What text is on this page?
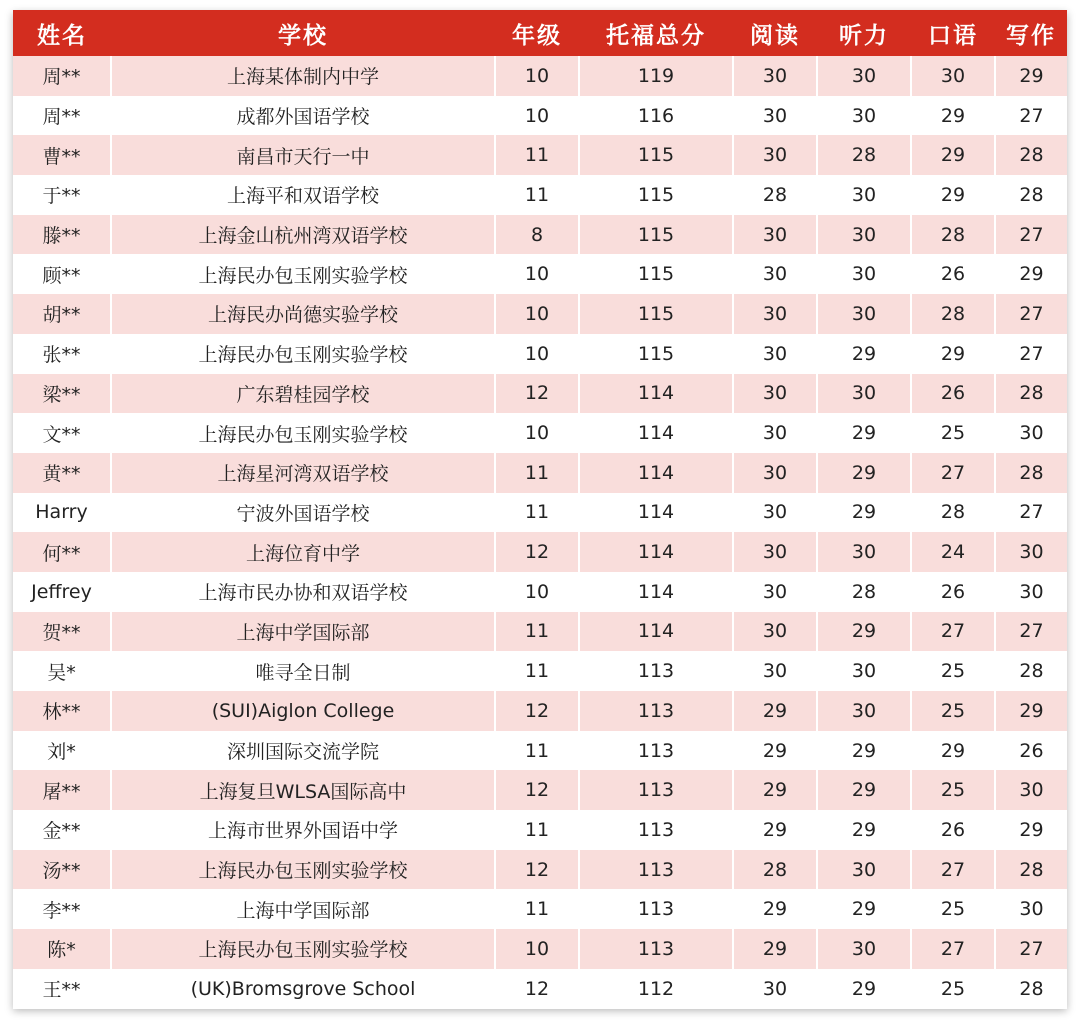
姓名	学校	年级	托福总分	阅读	听力	口语	写作
周**	上海某体制内中学	10	119	30	30	30	29
周**	成都外国语学校	10	116	30	30	29	27
曹**	南昌市天行一中	11	115	30	28	29	28
于**	上海平和双语学校	11	115	28	30	29	28
滕**	上海金山杭州湾双语学校	8	115	30	30	28	27
顾**	上海民办包玉刚实验学校	10	115	30	30	26	29
胡**	上海民办尚德实验学校	10	115	30	30	28	27
张**	上海民办包玉刚实验学校	10	115	30	29	29	27
梁**	广东碧桂园学校	12	114	30	30	26	28
文**	上海民办包玉刚实验学校	10	114	30	29	25	30
黄**	上海星河湾双语学校	11	114	30	29	27	28
Harry	宁波外国语学校	11	114	30	29	28	27
何**	上海位育中学	12	114	30	30	24	30
Jeffrey	上海市民办协和双语学校	10	114	30	28	26	30
贺**	上海中学国际部	11	114	30	29	27	27
吴*	唯寻全日制	11	113	30	30	25	28
林**	(SUI)Aiglon College	12	113	29	30	25	29
刘*	深圳国际交流学院	11	113	29	29	29	26
屠**	上海复旦WLSA国际高中	12	113	29	29	25	30
金**	上海市世界外国语中学	11	113	29	29	26	29
汤**	上海民办包玉刚实验学校	12	113	28	30	27	28
李**	上海中学国际部	11	113	29	29	25	30
陈*	上海民办包玉刚实验学校	10	113	29	30	27	27
王**	(UK)Bromsgrove School	12	112	30	29	25	28
